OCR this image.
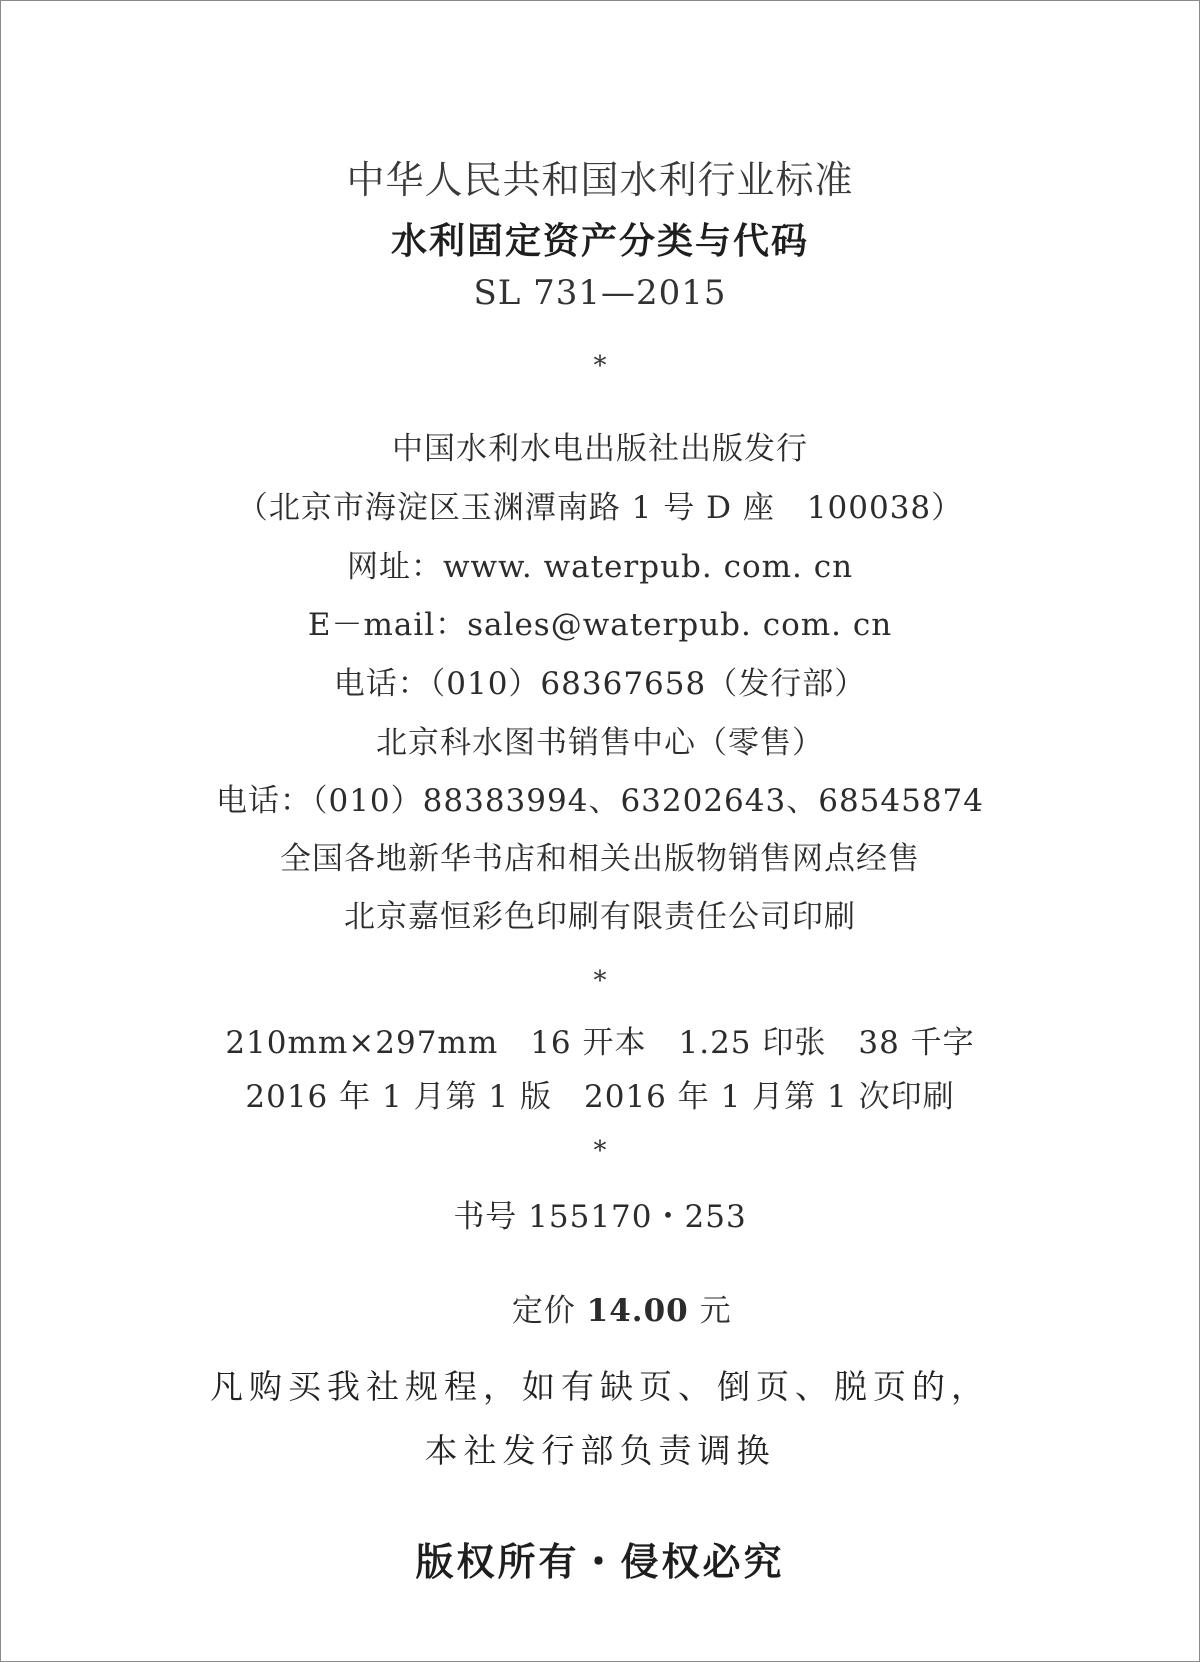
中华人民共和国水利行业标准
水利固定资产分类与代码
SL 731—2015
*
中国水利水电出版社出版发行
（北京市海淀区玉渊潭南路 1 号 D 座　100038）
网址：www. waterpub. com. cn
E－mail：sales@waterpub. com. cn
电话：（010）68367658（发行部）
北京科水图书销售中心（零售）
电话：（010）88383994、63202643、68545874
全国各地新华书店和相关出版物销售网点经售
北京嘉恒彩色印刷有限责任公司印刷
*
210mm×297mm　16 开本　1.25 印张　38 千字
2016 年 1 月第 1 版　2016 年 1 月第 1 次印刷
*
书号 155170・253

定价 14.00 元

凡购买我社规程，如有缺页、倒页、脱页的，
本社发行部负责调换
版权所有・侵权必究
